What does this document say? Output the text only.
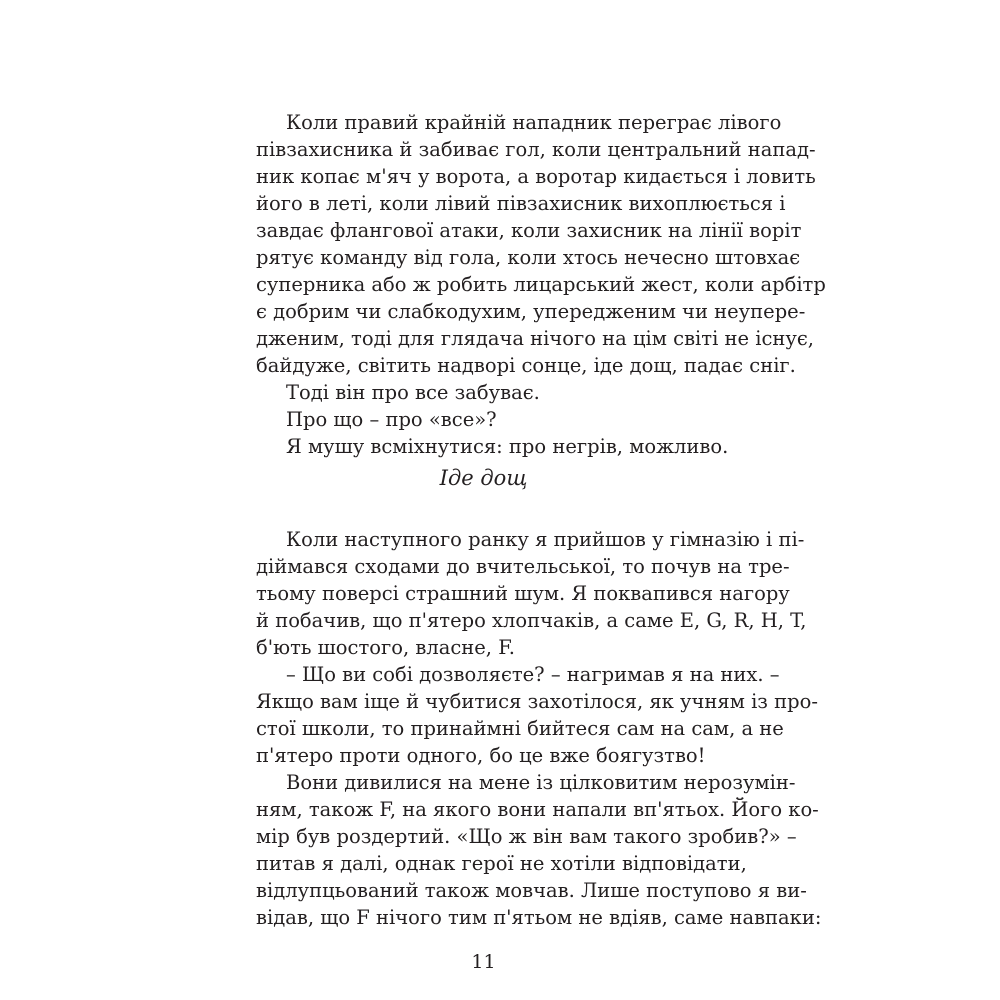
Коли правий крайній нападник переграє лівого
півзахисника й забиває гол, коли центральний напад-
ник копає м'яч у ворота, а воротар кидається і ловить
його в леті, коли лівий півзахисник вихоплюється і
завдає флангової атаки, коли захисник на лінії воріт
рятує команду від гола, коли хтось нечесно штовхає
суперника або ж робить лицарський жест, коли арбітр
є добрим чи слабкодухим, упередженим чи неупере-
дженим, тоді для глядача нічого на цім світі не існує,
байдуже, світить надворі сонце, іде дощ, падає сніг.
Тоді він про все забуває.
Про що – про «все»?
Я мушу всміхнутися: про негрів, можливо.
Іде дощ
Коли наступного ранку я прийшов у гімназію і пі-
діймався сходами до вчительської, то почув на тре-
тьому поверсі страшний шум. Я поквапився нагору
й побачив, що п'ятеро хлопчаків, а саме E, G, R, H, T,
б'ють шостого, власне, F.
– Що ви собі дозволяєте? – нагримав я на них. –
Якщо вам іще й чубитися захотілося, як учням із про-
стої школи, то принаймні бийтеся сам на сам, а не
п'ятеро проти одного, бо це вже боягузтво!
Вони дивилися на мене із цілковитим нерозумін-
ням, також F, на якого вони напали вп'ятьох. Його ко-
мір був роздертий. «Що ж він вам такого зробив?» –
питав я далі, однак герої не хотіли відповідати,
відлупцьований також мовчав. Лише поступово я ви-
відав, що F нічого тим п'ятьом не вдіяв, саме навпаки:
11
